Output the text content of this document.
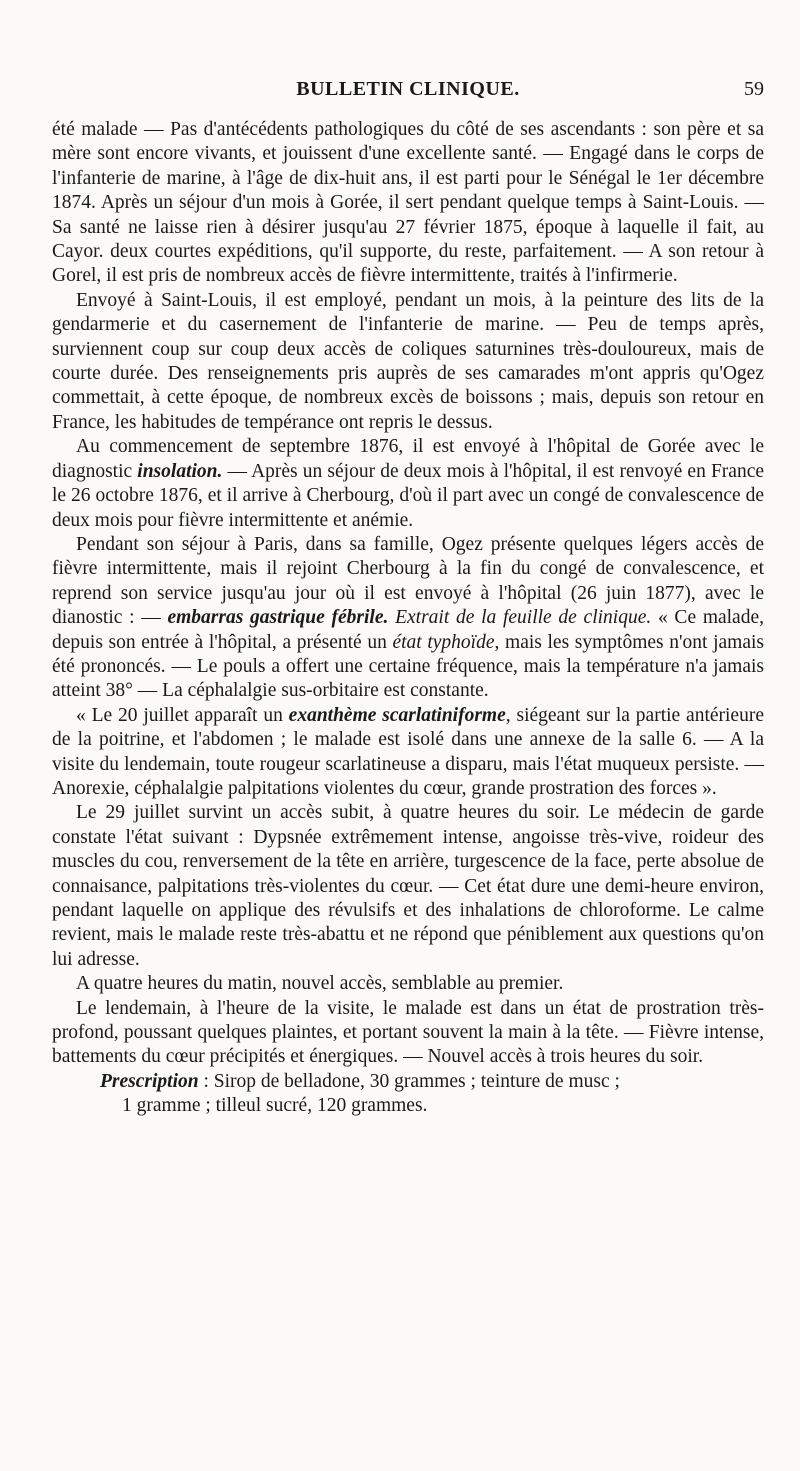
BULLETIN CLINIQUE.	59

été malade — Pas d'antécédents pathologiques du côté de ses ascendants : son père et sa mère sont encore vivants, et jouissent d'une excellente santé. — Engagé dans le corps de l'infanterie de marine, à l'âge de dix-huit ans, il est parti pour le Sénégal le 1er décembre 1874. Après un séjour d'un mois à Gorée, il sert pendant quelque temps à Saint-Louis. — Sa santé ne laisse rien à désirer jusqu'au 27 février 1875, époque à laquelle il fait, au Cayor. deux courtes expéditions, qu'il supporte, du reste, parfaitement. — A son retour à Gorel, il est pris de nombreux accès de fièvre intermittente, traités à l'infirmerie.

Envoyé à Saint-Louis, il est employé, pendant un mois, à la peinture des lits de la gendarmerie et du casernement de l'infanterie de marine. — Peu de temps après, surviennent coup sur coup deux accès de coliques saturnines très-douloureux, mais de courte durée. Des renseignements pris auprès de ses camarades m'ont appris qu'Ogez commettait, à cette époque, de nombreux excès de boissons ; mais, depuis son retour en France, les habitudes de tempérance ont repris le dessus.

Au commencement de septembre 1876, il est envoyé à l'hôpital de Gorée avec le diagnostic insolation. — Après un séjour de deux mois à l'hôpital, il est renvoyé en France le 26 octobre 1876, et il arrive à Cherbourg, d'où il part avec un congé de convalescence de deux mois pour fièvre intermittente et anémie.

Pendant son séjour à Paris, dans sa famille, Ogez présente quelques légers accès de fièvre intermittente, mais il rejoint Cherbourg à la fin du congé de convalescence, et reprend son service jusqu'au jour où il est envoyé à l'hôpital (26 juin 1877), avec le dianostic : — embarras gastrique fébrile. Extrait de la feuille de clinique. « Ce malade, depuis son entrée à l'hôpital, a présenté un état typhoïde, mais les symptômes n'ont jamais été prononcés. — Le pouls a offert une certaine fréquence, mais la température n'a jamais atteint 38° — La céphalalgie sus-orbitaire est constante.

« Le 20 juillet apparaît un exanthème scarlatiniforme, siégeant sur la partie antérieure de la poitrine, et l'abdomen ; le malade est isolé dans une annexe de la salle 6. — A la visite du lendemain, toute rougeur scarlatineuse a disparu, mais l'état muqueux persiste. — Anorexie, céphalalgie palpitations violentes du cœur, grande prostration des forces ».

Le 29 juillet survint un accès subit, à quatre heures du soir. Le médecin de garde constate l'état suivant : Dypsnée extrêmement intense, angoisse très-vive, roideur des muscles du cou, renversement de la tête en arrière, turgescence de la face, perte absolue de connaisance, palpitations très-violentes du cœur. — Cet état dure une demi-heure environ, pendant laquelle on applique des révulsifs et des inhalations de chloroforme. Le calme revient, mais le malade reste très-abattu et ne répond que péniblement aux questions qu'on lui adresse.

A quatre heures du matin, nouvel accès, semblable au premier.

Le lendemain, à l'heure de la visite, le malade est dans un état de prostration très-profond, poussant quelques plaintes, et portant souvent la main à la tête. — Fièvre intense, battements du cœur précipités et énergiques. — Nouvel accès à trois heures du soir.

Prescription : Sirop de belladone, 30 grammes ; teinture de musc ;

1 gramme ; tilleul sucré, 120 grammes.
